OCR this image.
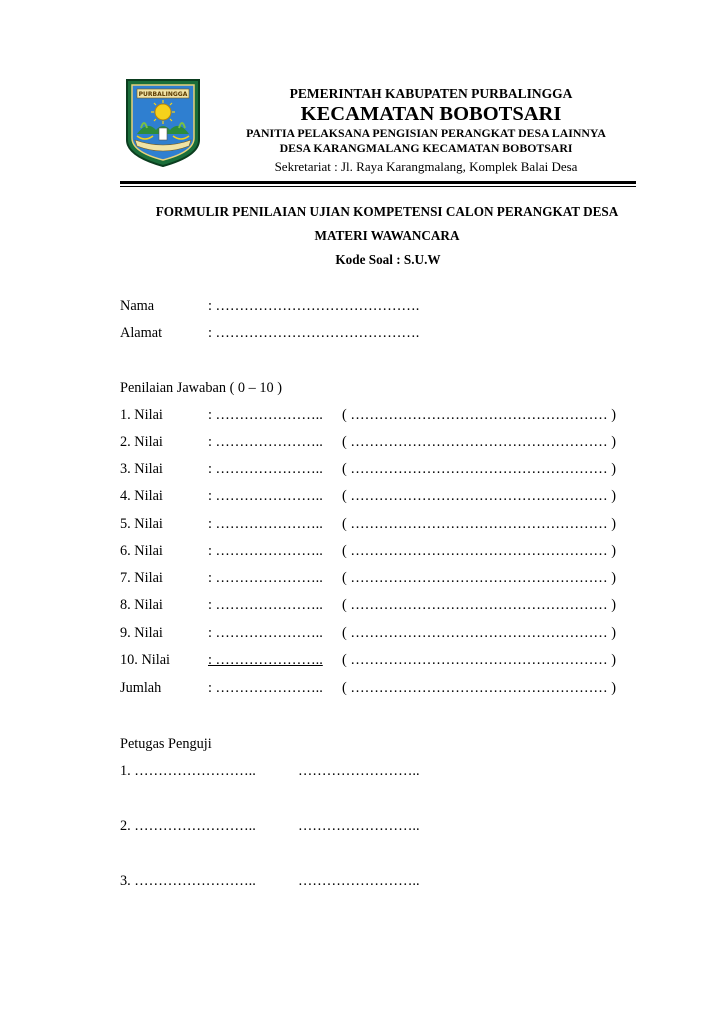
PURBALINGGA	PEMERINTAH KABUPATEN PURBALINGGA
KECAMATAN BOBOTSARI
PANITIA PELAKSANA PENGISIAN PERANGKAT DESA LAINNYA
DESA KARANGMALANG KECAMATAN BOBOTSARI
Sekretariat : Jl. Raya Karangmalang, Komplek Balai Desa
FORMULIR PENILAIAN UJIAN KOMPETENSI CALON PERANGKAT DESA
MATERI WAWANCARA
Kode Soal : S.U.W
Nama	: …………………………………….
Alamat	: …………………………………….
Penilaian Jawaban ( 0 – 10 )
1. Nilai	: ………………….. ( ……………………………………………… )
2. Nilai	: ………………….. ( ……………………………………………… )
3. Nilai	: ………………….. ( ……………………………………………… )
4. Nilai	: ………………….. ( ……………………………………………… )
5. Nilai	: ………………….. ( ……………………………………………… )
6. Nilai	: ………………….. ( ……………………………………………… )
7. Nilai	: ………………….. ( ……………………………………………… )
8. Nilai	: ………………….. ( ……………………………………………… )
9. Nilai	: ………………….. ( ……………………………………………… )
10. Nilai	: ………………….. ( ……………………………………………… )
Jumlah	: ………………….. ( ……………………………………………… )
Petugas Penguji
1. ……………………..	……………………..
2. ……………………..	……………………..
3. ……………………..	……………………..
